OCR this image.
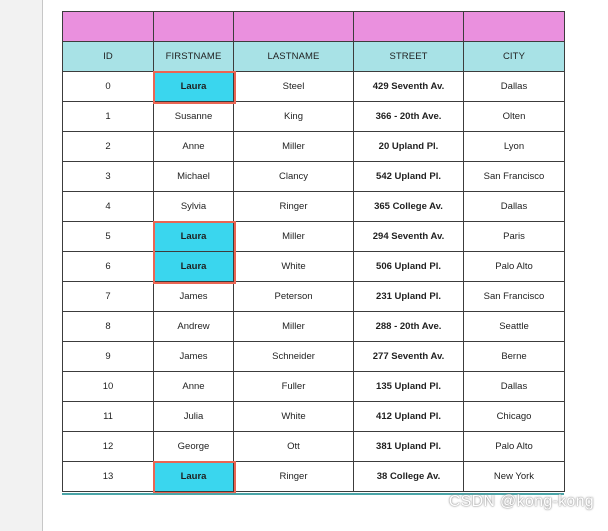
ID	FIRSTNAME	LASTNAME	STREET	CITY
0	Laura	Steel	429 Seventh Av.	Dallas
1	Susanne	King	366 - 20th Ave.	Olten
2	Anne	Miller	20 Upland Pl.	Lyon
3	Michael	Clancy	542 Upland Pl.	San Francisco
4	Sylvia	Ringer	365 College Av.	Dallas
5	Laura	Miller	294 Seventh Av.	Paris
6	Laura	White	506 Upland Pl.	Palo Alto
7	James	Peterson	231 Upland Pl.	San Francisco
8	Andrew	Miller	288 - 20th Ave.	Seattle
9	James	Schneider	277 Seventh Av.	Berne
10	Anne	Fuller	135 Upland Pl.	Dallas
11	Julia	White	412 Upland Pl.	Chicago
12	George	Ott	381 Upland Pl.	Palo Alto
13	Laura	Ringer	38 College Av.	New York
CSDN @kong-kong
